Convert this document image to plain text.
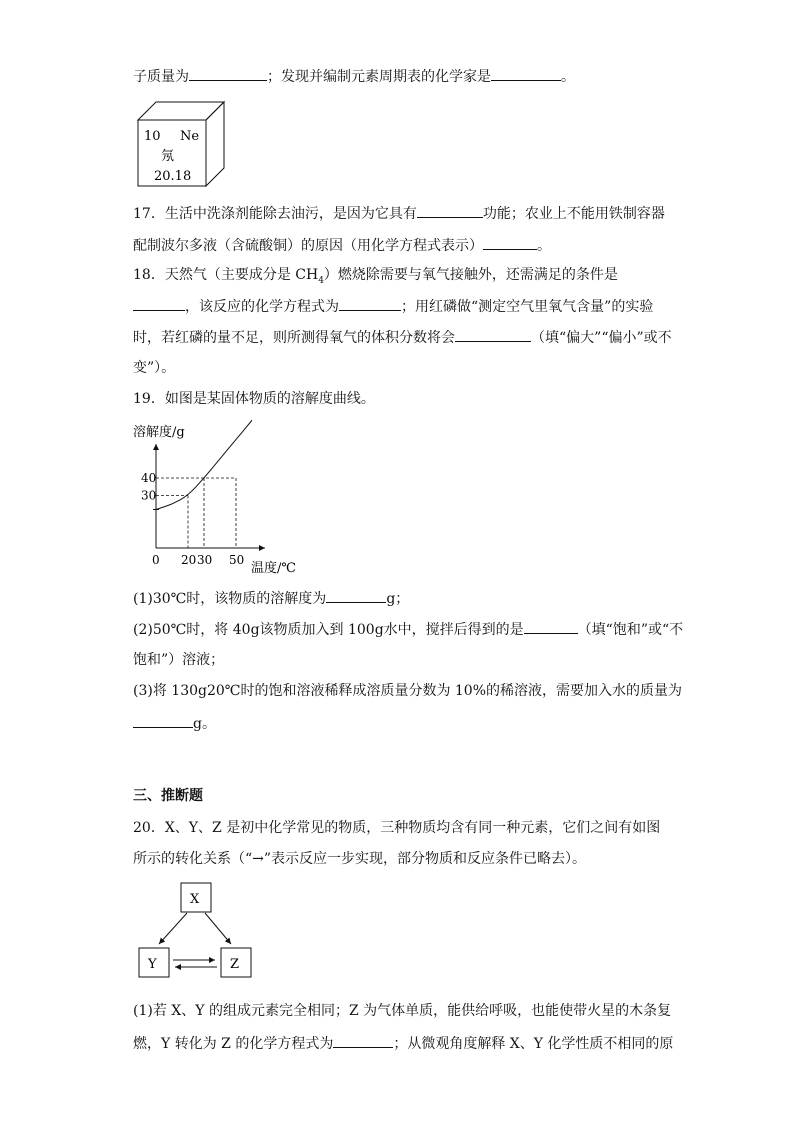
子质量为	；发现并编制元素周期表的化学家是	。
10 Ne
氖
20.18
17．生活中洗涤剂能除去油污，是因为它具有	功能；农业上不能用铁制容器
配制波尔多液（含硫酸铜）的原因（用化学方程式表示）	。
18．天然气（主要成分是 $CH_4$）燃烧除需要与氧气接触外，还需满足的条件是
，该反应的化学方程式为	；用红磷做“测定空气里氧气含量”的实验
时，若红磷的量不足，则所测得氧气的体积分数将会	（填“偏大”“偏小”或不
变”）。
19．如图是某固体物质的溶解度曲线。
溶解度/g
温度/℃
30
40
0 20 30 50
(1)30℃时，该物质的溶解度为	g；
(2)50℃时，将 40g该物质加入到 100g水中，搅拌后得到的是	（填“饱和”或“不
饱和”）溶液；
(3)将 130g20℃时的饱和溶液稀释成溶质量分数为 10%的稀溶液，需要加入水的质量为
g。
三、推断题
20．X、Y、Z 是初中化学常见的物质，三种物质均含有同一种元素，它们之间有如图
所示的转化关系（“→”表示反应一步实现，部分物质和反应条件已略去）。
X
Y	Z
(1)若 X、Y 的组成元素完全相同；Z 为气体单质，能供给呼吸，也能使带火星的木条复
燃，Y 转化为 Z 的化学方程式为	；从微观角度解释 X、Y 化学性质不相同的原
